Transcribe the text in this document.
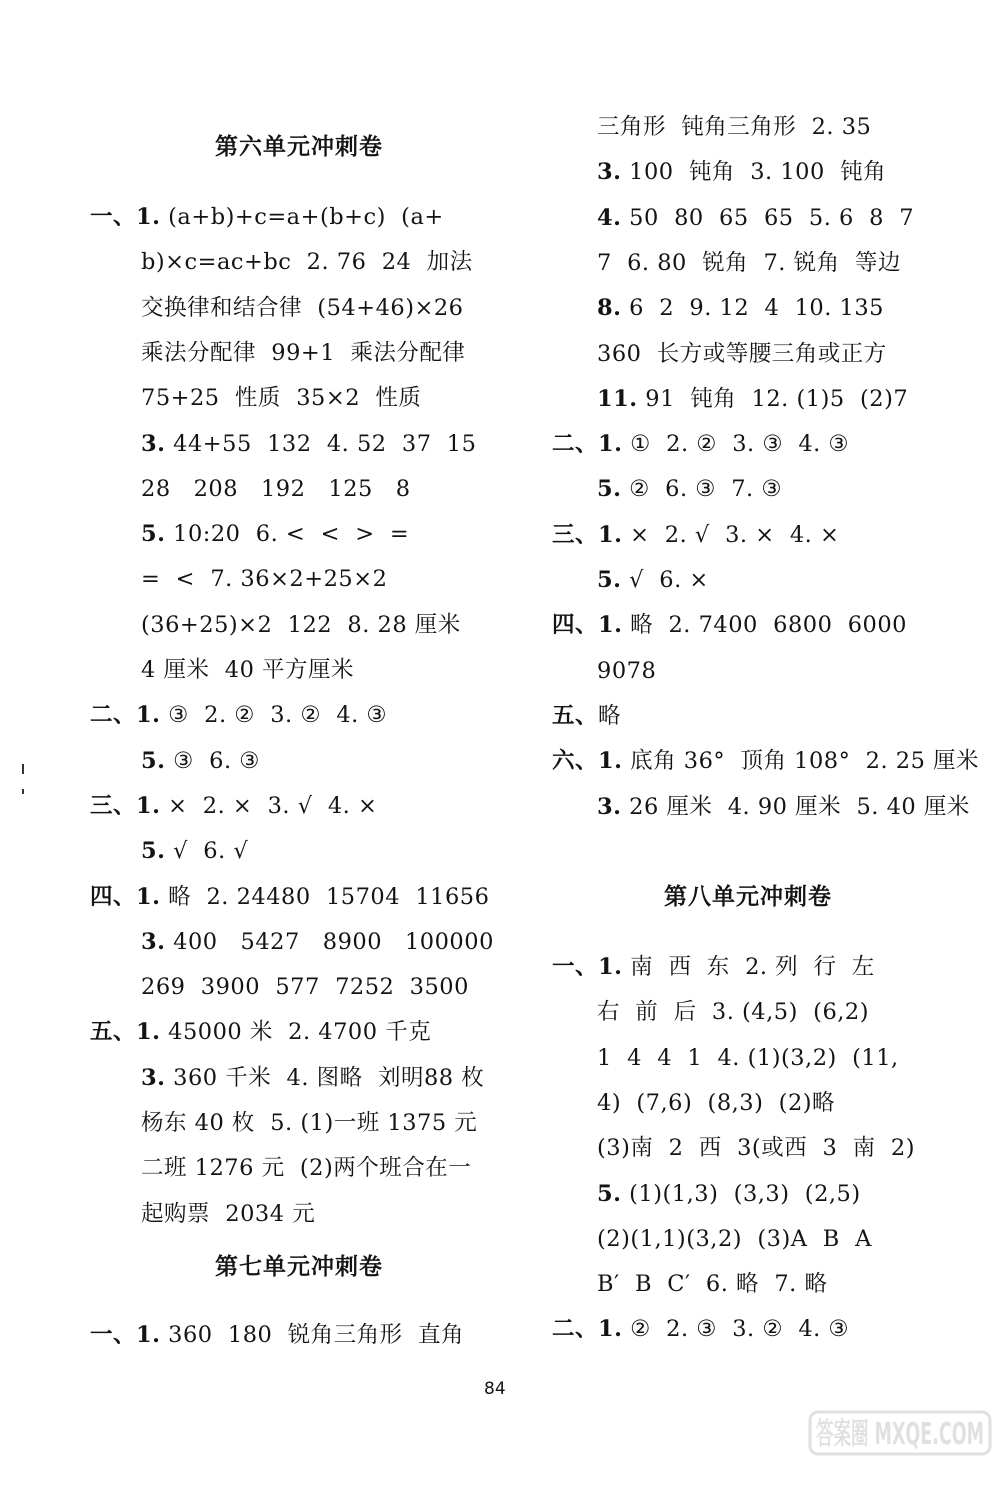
第六单元冲刺卷
一、1. (a+b)+c=a+(b+c)  (a+
b)×c=ac+bc  2. 76  24  加法
交换律和结合律  (54+46)×26
乘法分配律  99+1  乘法分配律
75+25  性质  35×2  性质
3. 44+55  132  4. 52  37  15
28   208   192   125   8
5. 10:20  6. <  <  >  =
=  <  7. 36×2+25×2
(36+25)×2  122  8. 28 厘米
4 厘米  40 平方厘米
二、1. ③  2. ②  3. ②  4. ③
5. ③  6. ③
三、1. ×  2. ×  3. √  4. ×
5. √  6. √
四、1. 略  2. 24480  15704  11656
3. 400   5427   8900   100000
269  3900  577  7252  3500
五、1. 45000 米  2. 4700 千克
3. 360 千米  4. 图略  刘明88 枚
杨东 40 枚  5. (1)一班 1375 元
二班 1276 元  (2)两个班合在一
起购票  2034 元
第七单元冲刺卷
一、1. 360  180  锐角三角形  直角
三角形  钝角三角形  2. 35
3. 100  钝角  3. 100  钝角
4. 50  80  65  65  5. 6  8  7
7  6. 80  锐角  7. 锐角  等边
8. 6  2  9. 12  4  10. 135
360  长方或等腰三角或正方
11. 91  钝角  12. (1)5  (2)7
二、1. ①  2. ②  3. ③  4. ③
5. ②  6. ③  7. ③
三、1. ×  2. √  3. ×  4. ×
5. √  6. ×
四、1. 略  2. 7400  6800  6000
9078
五、略
六、1. 底角 36°  顶角 108°  2. 25 厘米
3. 26 厘米  4. 90 厘米  5. 40 厘米
第八单元冲刺卷
一、1. 南  西  东  2. 列  行  左
右  前  后  3. (4,5)  (6,2)
1  4  4  1  4. (1)(3,2)  (11,
4)  (7,6)  (8,3)  (2)略
(3)南  2  西  3(或西  3  南  2)
5. (1)(1,3)  (3,3)  (2,5)
(2)(1,1)(3,2)  (3)A  B  A
B′  B  C′  6. 略  7. 略
二、1. ②  2. ③  3. ②  4. ③
84
答案圈 MXQE.COM
